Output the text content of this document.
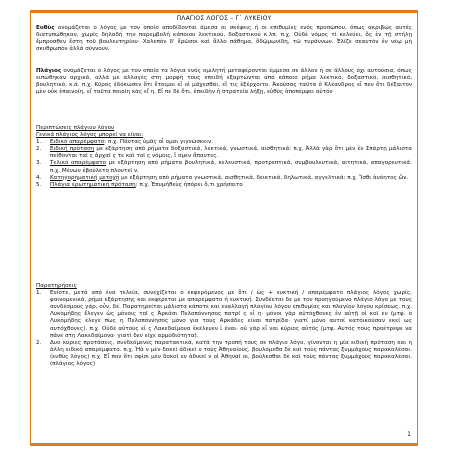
ΠΛΑΓΙΟΣ ΛΟΓΟΣ – Γ΄ ΛΥΚΕΙΟΥ
Ευθὺς ονομάζεται ο λόγος με τον οποίο αποδίδονται άμεσα οι σκέψεις ή οι επιθυμίες ενός προσώπου, όπως ακριβώς αυτές διατυπώθηκαν, χωρίς δηλαδή την παρεμβολή κάποιου λεκτικού, δοξαστικού κ.λπ. π.χ. Οὐδὲ νόμος τί κελεύει, ὅς ἐν τῇ στήλῃ ἔμπροσθεν ἕστη τοῦ βουλευτηρίου· Χαλεπὸν δ' ἔρῶσοι καὶ ἄλλο πάθημα, ὅδῷμωνίδη, τῶ τυράννων. Ἐλίζε σεαυτὸν ἐν νέῳ μὴ σκυθρωπὸν ἀλλὰ σύννουν.
Πλάγιος ονομάζεται ο λόγος με τον οποίο τα λόγια ενός ομιλητή μεταφέρονται έμμεσα σε άλλον ή σε άλλους όχι αυτούσια, όπως ειπώθηκαν αρχικά, αλλά με αλλαγές στη μορφή τους επειδή εξαρτώνται από κάποιο ρήμα λεκτικό, δοξαστικό, αισθητικό, βουλητικό, κ.ά. π.χ. Κῦρος ἐδόκωσεν ὅτι ἕτοιμοι εἶ οἱ μάχεσθαι, εἴ τις ἐξέρχοιτο. Ἀκούσας ταῦτα ὁ Κλέανδρος εἶ πεν ὅτι δέξαιτον μὲν οὐκ ἐπαινοίη, εἴ ταῦτα ποιοίη κάς εἴ η. Εἶ πε δὲ ὅτι, ἐπειδὴν ἡ στρατεία λήξῃ, εὐθὺς ἀποπέμψει αὐτόν
Περιπτώσεις πλάγιου λόγου
Γενικά πλάγιος λόγος μπορεί να είναι:
1.	Ειδικό απαρέμφατο: π.χ. Πάντας ὑμᾶς οἶ ομαι γιγνώσκειν.
2.	Ειδική πρόταση με εξάρτηση από ρήματα δοξαστικά, λεκτικά, γνωστικά, αισθητικά: π.χ. Ἀλλὰ γὰρ ὅτι μὲν ἐν Σπάρτῃ μάλιστα πείθονται ταῖ ς ἀρχαῖ ς τε καὶ τοῖ ς νόμοις, ἴ σμεν ἅπαντες.
3.	Τελικό απαρέμφατο με εξάρτηση από ρήματα βουλητικά, κελευστικά, προτρεπτικά, συμβουλευτικά, αιτητικά, απαγορευτικά. π.χ. Μένων ἐβούλετο πλουτεῖ ν.
4.	Κατηγορηματική μετοχή με εξάρτηση από ρήματα γνωστικά, αισθητικά, δεικτικά, δηλωτικά, αγγελτικά: π.χ. Ἴσθι ἀνόητος ὤν.
5.	Πλάγια ερωτηματική πρόταση: π.χ. Ἐπυμήθεὺς ἠπόρει ὅ,τι χρήσαιτο
Παρατηρήσεις
1.	Ενίοτε, μετά από ένα τελεία, συνεχίζεται ο εκφερόμενος με ὅτι / ὡς + ευκτική / απαρέμφατο πλάγιος λόγος χωρίς, φαινομενικά, ρήμα εξάρτησης και εκφέρεται με απαρέμφατο ή ευκτική. Συνδέεται δε με τον προηγούμενο πλάγιο λόγο με τους συνδέσμους γάρ, οὖν, δέ. Παρατηρείται μάλιστα κάποτε και εναλλαγή πλαγίου λόγου επιθυμίας και πλαγίου λόγου κρίσεως. π.χ. Λυκομήδης ἔλεγεν ὡς μόνοις τοῖ ς Ἀρκάσι Πελοπόννησος πατρί ς εἶ η· μόνοι γὰρ αὐτόχθονες ἐν αὐτῇ οἰ κοῖ εν (μτφ. ο Λυκομήδης έλεγε πως η Πελοπόννησος μόνο για τους Αρκάδες είναι πατρίδα· γιατί μόνο αυτοί κατοικούσαν εκεί ως αυτόχθονες). π.χ. Οὐδὲ αὐτοὺς εἰ ς Λακεδαίμονα ἐκέλευεν ἰ έναι· οὐ γὰρ εἶ ναι κύριος αὐτὸς (μτφ. Αυτός τους προέτρεψε να πάνε στη Λακεδαίμονα· γιατί δεν είχε αρμοδιότητα).
2.	Δυο κύριες προτάσεις, συνδεόμενες παρατακτικά, κατά την τροπή τους σε πλάγιο λόγο, γίνονται η μία ειδική πρόταση και η άλλη ειδικό απαρέμφατο. π.χ. Ἠὰ ν μὲν δοκεῖ ἀδικεῖ ν τοὺς Ἀθηναίους, βουλόμεθα δὲ καὶ τοὺς πάντας ξυμμάχους παρακαλέσαι. (ευθύς λόγος) π.χ. Εἶ πον ὅτι σφίσι μὲν δοκοῖ εν ἀδικεῖ ν οἱ Ἀθηναῖ οι, βούλεσθαι δὲ καὶ τοὺς πάντας ξυμμάχους παρακαλέσαι. (πλάγιος λόγος)
1
